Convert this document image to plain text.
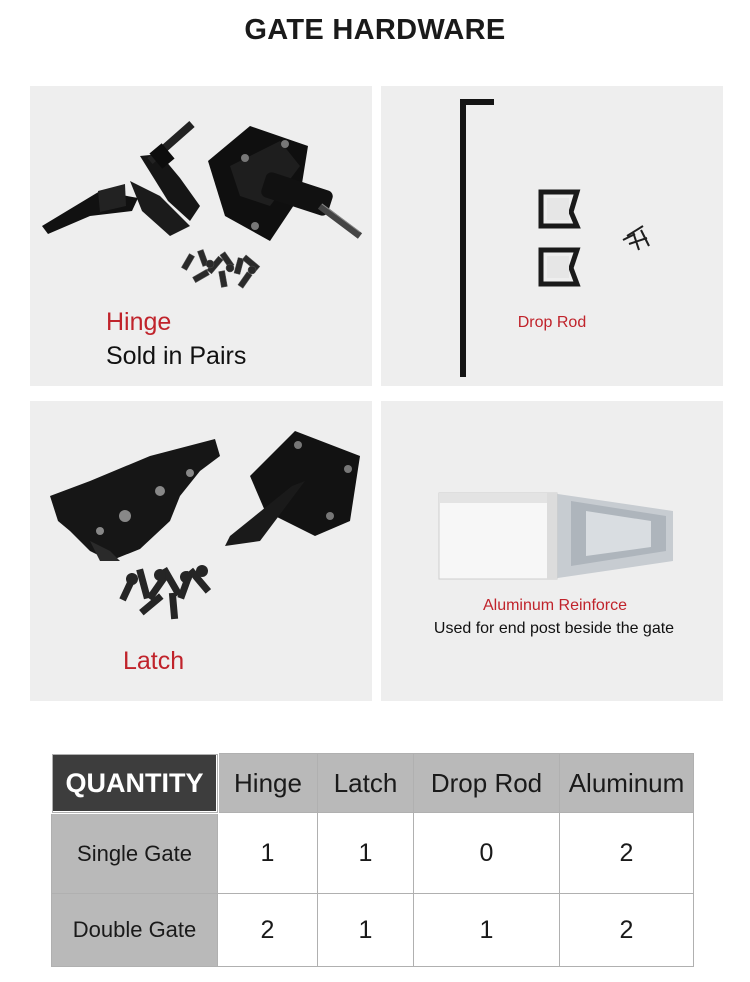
GATE HARDWARE
Hinge
Sold in Pairs
Drop Rod
Latch
Aluminum Reinforce
Used for end post beside the gate
QUANTITY	Hinge	Latch	Drop Rod	Aluminum
Single Gate	1	1	0	2
Double Gate	2	1	1	2
